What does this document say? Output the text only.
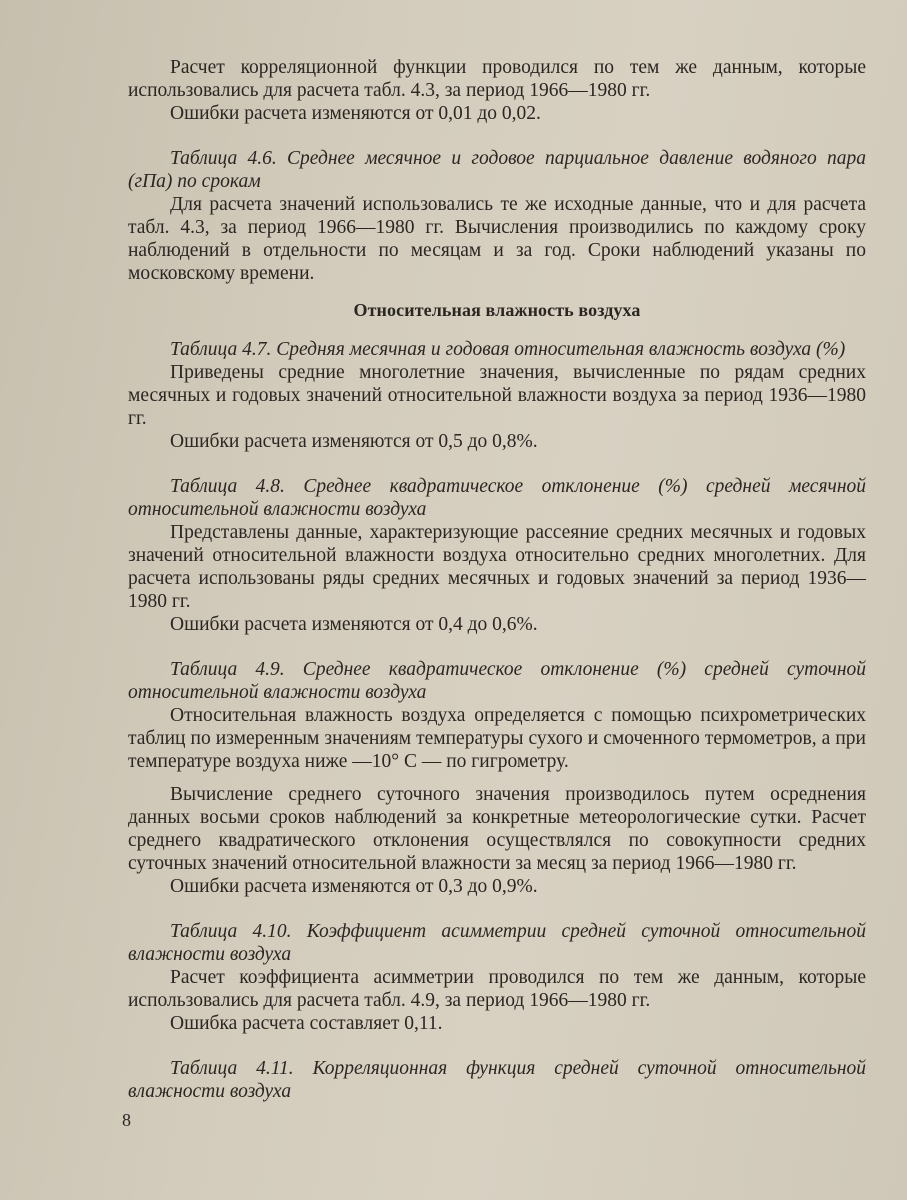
Расчет корреляционной функции проводился по тем же данным, которые использовались для расчета табл. 4.3, за период 1966—1980 гг.

Ошибки расчета изменяются от 0,01 до 0,02.

Таблица 4.6. Среднее месячное и годовое парциальное давление водяного пара (гПа) по срокам

Для расчета значений использовались те же исходные данные, что и для расчета табл. 4.3, за период 1966—1980 гг. Вычисления производились по каждому сроку наблюдений в отдельности по месяцам и за год. Сроки наблюдений указаны по московскому времени.

Относительная влажность воздуха

Таблица 4.7. Средняя месячная и годовая относительная влажность воздуха (%)

Приведены средние многолетние значения, вычисленные по рядам средних месячных и годовых значений относительной влажности воздуха за период 1936—1980 гг.

Ошибки расчета изменяются от 0,5 до 0,8%.

Таблица 4.8. Среднее квадратическое отклонение (%) средней месячной относительной влажности воздуха

Представлены данные, характеризующие рассеяние средних месячных и годовых значений относительной влажности воздуха относительно средних многолетних. Для расчета использованы ряды средних месячных и годовых значений за период 1936—1980 гг.

Ошибки расчета изменяются от 0,4 до 0,6%.

Таблица 4.9. Среднее квадратическое отклонение (%) средней суточной относительной влажности воздуха

Относительная влажность воздуха определяется с помощью психрометрических таблиц по измеренным значениям температуры сухого и смоченного термометров, а при температуре воздуха ниже —10° С — по гигрометру.

Вычисление среднего суточного значения производилось путем осреднения данных восьми сроков наблюдений за конкретные метеорологические сутки. Расчет среднего квадратического отклонения осуществлялся по совокупности средних суточных значений относительной влажности за месяц за период 1966—1980 гг.

Ошибки расчета изменяются от 0,3 до 0,9%.

Таблица 4.10. Коэффициент асимметрии средней суточной относительной влажности воздуха

Расчет коэффициента асимметрии проводился по тем же данным, которые использовались для расчета табл. 4.9, за период 1966—1980 гг.

Ошибка расчета составляет 0,11.

Таблица 4.11. Корреляционная функция средней суточной относительной влажности воздуха

8
